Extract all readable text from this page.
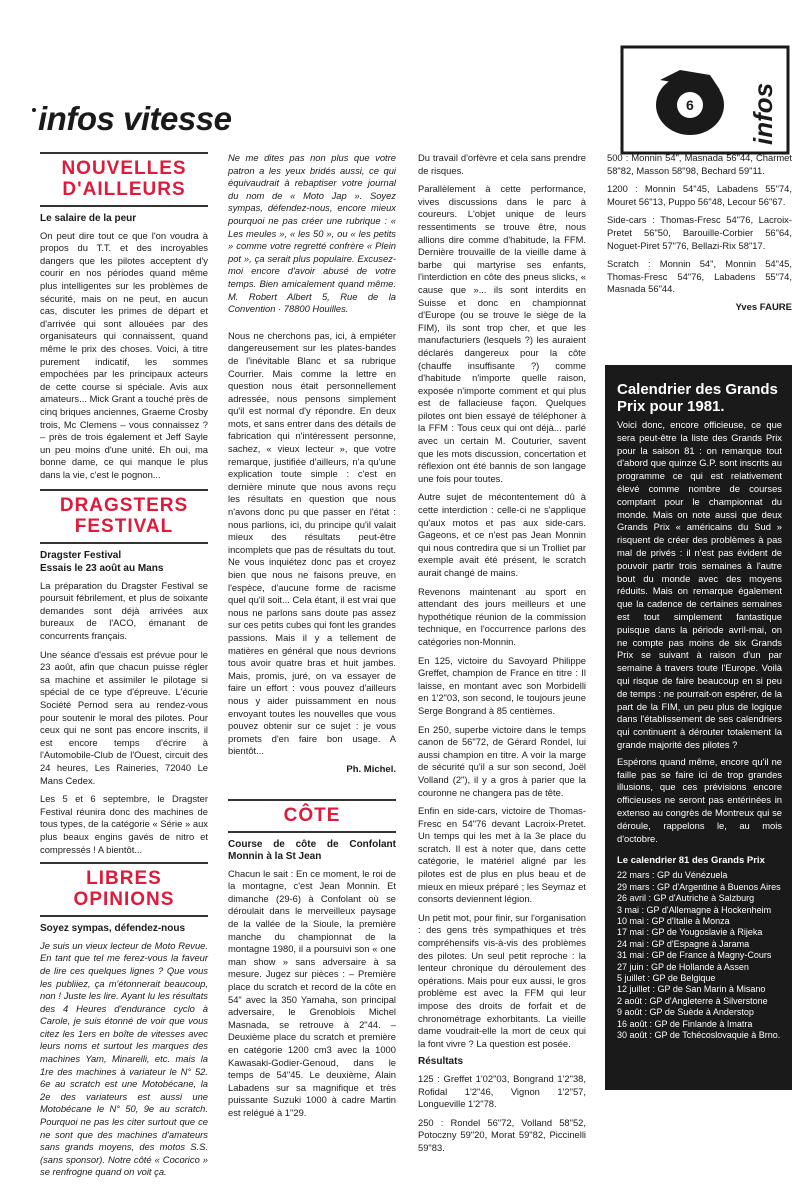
infos vitesse	6 infos
NOUVELLES D'AILLEURS
Le salaire de la peur

On peut dire tout ce que l'on voudra à propos du T.T. et des incroyables dangers que les pilotes acceptent d'y courir en nos périodes quand même plus intelligentes sur les problèmes de sécurité, mais on ne peut, en aucun cas, discuter les primes de départ et d'arrivée qui sont allouées par des organisateurs qui connaissent, quand même le prix des choses. Voici, à titre purement indicatif, les sommes empochées par les principaux acteurs de cette course si spéciale. Avis aux amateurs... Mick Grant a touché près de cinq briques anciennes, Graeme Crosby trois, Mc Clemens – vous connaissez ? – près de trois également et Jeff Sayle un peu moins d'une unité. Eh oui, ma bonne dame, ce qui manque le plus dans la vie, c'est le pognon...

DRAGSTERS FESTIVAL
Dragster Festival
Essais le 23 août au Mans

La préparation du Dragster Festival se poursuit fébrilement, et plus de soixante demandes sont déjà arrivées aux bureaux de l'ACO, émanant de concurrents français.

Une séance d'essais est prévue pour le 23 août, afin que chacun puisse régler sa machine et assimiler le pilotage si spécial de ce type d'épreuve. L'écurie Société Pernod sera au rendez-vous pour soutenir le moral des pilotes. Pour ceux qui ne sont pas encore inscrits, il est encore temps d'écrire à l'Automobile-Club de l'Ouest, circuit des 24 heures, Les Raineries, 72040 Le Mans Cedex.

Les 5 et 6 septembre, le Dragster Festival réunira donc des machines de tous types, de la catégorie « Série » aux plus beaux engins gavés de nitro et compressés ! A bientôt...

LIBRES OPINIONS
Soyez sympas, défendez-nous

Je suis un vieux lecteur de Moto Revue. En tant que tel me ferez-vous la faveur de lire ces quelques lignes ? Que vous les publiiez, ça m'étonnerait beaucoup, non ! Juste les lire. Ayant lu les résultats des 4 Heures d'endurance cyclo à Carole, je suis étonné de voir que vous citez les 1ers en boîte de vitesses avec leurs noms et surtout les marques des machines Yam, Minarelli, etc. mais la 1re des machines à variateur le N° 52. 6e au scratch est une Motobécane, la 2e des variateurs est aussi une Motobécane le N° 50, 9e au scratch. Pourquoi ne pas les citer surtout que ce ne sont que des machines d'amateurs sans grands moyens, des motos S.S. (sans sponsor). Notre côté « Cocorico » se renfrogne quand on voit ça.

Ne me dites pas non plus que votre patron a les yeux bridés aussi, ce qui équivaudrait à rebaptiser votre journal du nom de « Moto Jap ». Soyez sympas, défendez-nous, encore mieux pourquoi ne pas créer une rubrique : « Les meules », « les 50 », ou « les petits » comme votre regretté confrère « Plein pot », ça serait plus populaire. Excusez-moi encore d'avoir abusé de votre temps. Bien amicalement quand même. M. Robert Albert 5, Rue de la Convention · 78800 Houilles.

Nous ne cherchons pas, ici, à empiéter dangereusement sur les plates-bandes de l'inévitable Blanc et sa rubrique Courrier. Mais comme la lettre en question nous était personnellement adressée, nous pensons simplement qu'il est normal d'y répondre. En deux mots, et sans entrer dans des détails de fabrication qui n'intéressent personne, sachez, « vieux lecteur », que votre remarque, justifiée d'ailleurs, n'a qu'une explication toute simple : c'est en dernière minute que nous avons reçu les résultats en question que nous n'avons donc pu que passer en l'état : nous parlions, ici, du principe qu'il valait mieux des résultats peut-être incomplets que pas de résultats du tout. Ne vous inquiétez donc pas et croyez bien que nous ne faisons preuve, en l'espèce, d'aucune forme de racisme quel qu'il soit... Cela étant, il est vrai que nous ne parlons sans doute pas assez sur ces petits cubes qui font les grandes passions. Mais il y a tellement de matières en général que nous devrions tous avoir quatre bras et huit jambes. Mais, promis, juré, on va essayer de faire un effort : vous pouvez d'ailleurs nous y aider puissamment en nous envoyant toutes les nouvelles que vous pouvez obtenir sur ce sujet : je vous promets d'en faire bon usage. A bientôt...

Ph. Michel.
CÔTE
Course de côte de Confolant Monnin à la St Jean

Chacun le sait : En ce moment, le roi de la montagne, c'est Jean Monnin. Et dimanche (29-6) à Confolant où se déroulait dans le merveilleux paysage de la vallée de la Sioule, la première manche du championnat de la montagne 1980, il a poursuivi son « one man show » sans adversaire à sa mesure. Jugez sur pièces : – Première place du scratch et record de la côte en 54" avec la 350 Yamaha, son principal adversaire, le Grenoblois Michel Masnada, se retrouve à 2"44. – Deuxième place du scratch et première en catégorie 1200 cm3 avec la 1000 Kawasaki-Godier-Genoud, dans le temps de 54"45. Le deuxième, Alain Labadens sur sa magnifique et très puissante Suzuki 1000 à cadre Martin est relégué à 1"29.

Du travail d'orfèvre et cela sans prendre de risques.

Parallèlement à cette performance, vives discussions dans le parc à coureurs. L'objet unique de leurs ressentiments se trouve être, nous allions dire comme d'habitude, la FFM. Dernière trouvaille de la vieille dame à barbe qui martyrise ses enfants, l'interdiction en côte des pneus slicks, « cause que »... ils sont interdits en Suisse et donc en championnat d'Europe (ou se trouve le siège de la FIM), ils sont trop cher, et que les manufacturiers (lesquels ?) les auraient déclarés dangereux pour la côte (chauffe insuffisante ?) comme d'habitude n'importe quelle raison, exposée n'importe comment et qui plus est de fallacieuse façon. Quelques pilotes ont bien essayé de téléphoner à la FFM : Tous ceux qui ont déjà... parlé avec un certain M. Couturier, savent que les mots discussion, concertation et réflexion ont été bannis de son langage une fois pour toutes.

Autre sujet de mécontentement dû à cette interdiction : celle-ci ne s'applique qu'aux motos et pas aux side-cars. Gageons, et ce n'est pas Jean Monnin qui nous contredira que si un Trolliet par exemple avait été présent, le scratch aurait changé de mains.

Revenons maintenant au sport en attendant des jours meilleurs et une hypothétique réunion de la commission technique, en l'occurrence parlons des catégories non-Monnin.

En 125, victoire du Savoyard Philippe Greffet, champion de France en titre : Il laisse, en montant avec son Morbidelli en 1'2"03, son second, le toujours jeune Serge Bongrand à 85 centièmes.

En 250, superbe victoire dans le temps canon de 56"72, de Gérard Rondel, lui aussi champion en titre. A voir la marge de sécurité qu'il a sur son second, Joël Volland (2"), il y a gros à parier que la couronne ne changera pas de tête.

Enfin en side-cars, victoire de Thomas-Fresc en 54"76 devant Lacroix-Pretet. Un temps qui les met à la 3e place du scratch. Il est à noter que, dans cette catégorie, le matériel aligné par les pilotes est de plus en plus beau et de mieux en mieux préparé ; les Seymaz et consorts deviennent légion.

Un petit mot, pour finir, sur l'organisation : des gens très sympathiques et très compréhensifs vis-à-vis des problèmes des pilotes. Un seul petit reproche : la lenteur chronique du déroulement des opérations. Mais pour eux aussi, le gros problème est avec la FFM qui leur impose des droits de forfait et de chronométrage exhorbitants. La vieille dame voudrait-elle la mort de ceux qui la font vivre ? La question est posée.

Résultats

125 : Greffet 1'02"03, Bongrand 1'2"38, Rofidal 1'2"46, Vignon 1'2"57, Longueville 1'2"78.

250 : Rondel 56"72, Volland 58"52, Potoczny 59"20, Morat 59"82, Piccinelli 59"83.

500 : Monnin 54", Masnada 56"44, Charmet 58"82, Masson 58"98, Bechard 59"11.

1200 : Monnin 54"45, Labadens 55"74, Mouret 56"13, Puppo 56"48, Lecour 56"67.

Side-cars : Thomas-Fresc 54"76, Lacroix-Pretet 56"50, Barouille-Corbier 56"64, Noguet-Piret 57"76, Bellazi-Rix 58"17.

Scratch : Monnin 54", Monnin 54"45, Thomas-Fresc 54"76, Labadens 55"74, Masnada 56"44.

Yves FAURE
Calendrier des Grands Prix pour 1981.

Voici donc, encore officieuse, ce que sera peut-être la liste des Grands Prix pour la saison 81 : on remarque tout d'abord que quinze G.P. sont inscrits au programme ce qui est relativement élevé comme nombre de courses comptant pour le championnat du monde. Mais on note aussi que deux Grands Prix « américains du Sud » risquent de créer des problèmes à pas mal de privés : il n'est pas évident de pouvoir partir trois semaines à l'autre bout du monde avec des moyens réduits. Mais on remarque également que la cadence de certaines semaines est tout simplement fantastique puisque dans la période avril-mai, on ne compte pas moins de six Grands Prix se suivant à raison d'un par semaine à travers toute l'Europe. Voilà qui risque de faire beaucoup en si peu de temps : ne pourrait-on espérer, de la part de la FIM, un peu plus de logique dans l'établissement de ses calendriers qui continuent à dérouter totalement la grande majorité des pilotes ?

Espérons quand même, encore qu'il ne faille pas se faire ici de trop grandes illusions, que ces prévisions encore officieuses ne seront pas entérinées in extenso au congrès de Montreux qui se déroule, rappelons le, au mois d'octobre.

Le calendrier 81 des Grands Prix
22 mars : GP du Vénézuela
29 mars : GP d'Argentine à Buenos Aires
26 avril : GP d'Autriche à Salzburg
3 mai : GP d'Allemagne à Hockenheim
10 mai : GP d'Italie à Monza
17 mai : GP de Yougoslavie à Rijeka
24 mai : GP d'Espagne à Jarama
31 mai : GP de France à Magny-Cours
27 juin : GP de Hollande à Assen
5 juillet : GP de Belgique
12 juillet : GP de San Marin à Misano
2 août : GP d'Angleterre à Silverstone
9 août : GP de Suède à Anderstop
16 août : GP de Finlande à Imatra
30 août : GP de Tchécoslovaquie à Brno.
39
